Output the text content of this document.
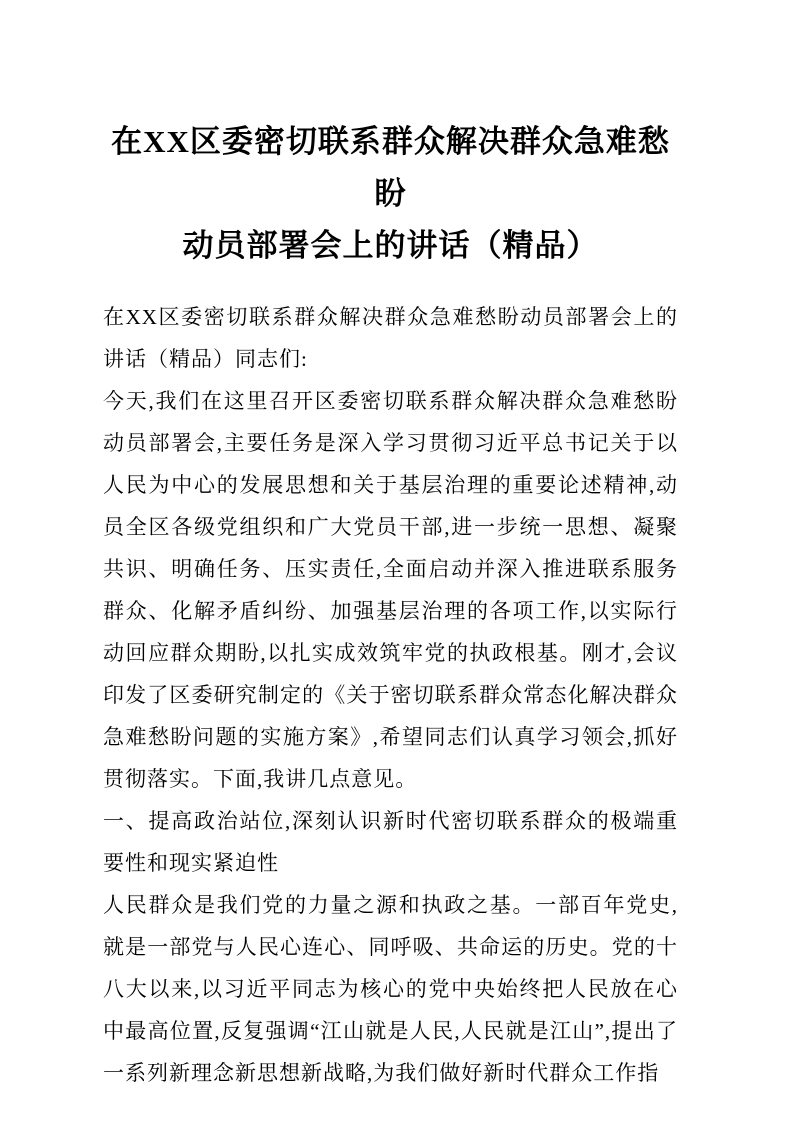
在XX区委密切联系群众解决群众急难愁盼
动员部署会上的讲话（精品）

在XX区委密切联系群众解决群众急难愁盼动员部署会上的讲话（精品）同志们:

今天,我们在这里召开区委密切联系群众解决群众急难愁盼动员部署会,主要任务是深入学习贯彻习近平总书记关于以人民为中心的发展思想和关于基层治理的重要论述精神,动员全区各级党组织和广大党员干部,进一步统一思想、凝聚共识、明确任务、压实责任,全面启动并深入推进联系服务群众、化解矛盾纠纷、加强基层治理的各项工作,以实际行动回应群众期盼,以扎实成效筑牢党的执政根基。刚才,会议印发了区委研究制定的《关于密切联系群众常态化解决群众急难愁盼问题的实施方案》,希望同志们认真学习领会,抓好贯彻落实。下面,我讲几点意见。

一、提高政治站位,深刻认识新时代密切联系群众的极端重要性和现实紧迫性

人民群众是我们党的力量之源和执政之基。一部百年党史,就是一部党与人民心连心、同呼吸、共命运的历史。党的十八大以来,以习近平同志为核心的党中央始终把人民放在心中最高位置,反复强调“江山就是人民,人民就是江山”,提出了一系列新理念新思想新战略,为我们做好新时代群众工作指
